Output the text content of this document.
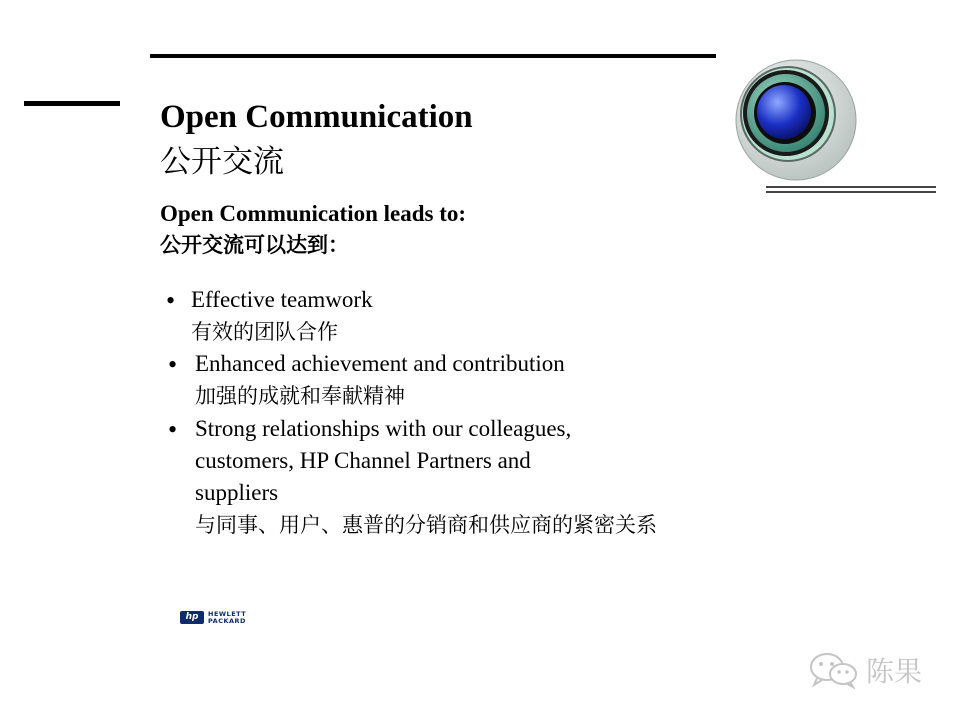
Open Communication
公开交流
Open Communication leads to:
公开交流可以达到：
• Effective teamwork
有效的团队合作
• Enhanced achievement and contribution
加强的成就和奉献精神
• Strong relationships with our colleagues,
customers, HP Channel Partners and
suppliers
与同事、用户、惠普的分销商和供应商的紧密关系
hp	HEWLETT
PACKARD
陈果
